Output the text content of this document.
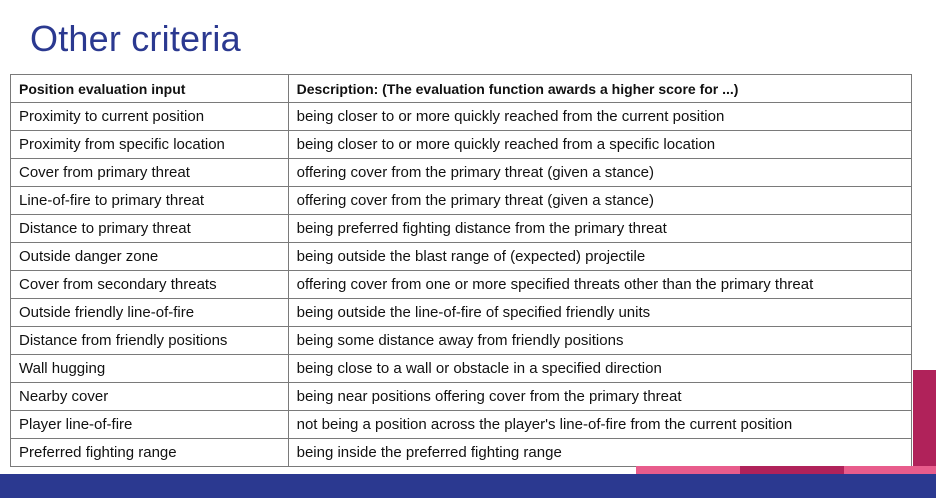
Other criteria
Position evaluation input	Description: (The evaluation function awards a higher score for ...)
Proximity to current position	being closer to or more quickly reached from the current position
Proximity from specific location	being closer to or more quickly reached from a specific location
Cover from primary threat	offering cover from the primary threat (given a stance)
Line-of-fire to primary threat	offering cover from the primary threat (given a stance)
Distance to primary threat	being preferred fighting distance from the primary threat
Outside danger zone	being outside the blast range of (expected) projectile
Cover from secondary threats	offering cover from one or more specified threats other than the primary threat
Outside friendly line-of-fire	being outside the line-of-fire of specified friendly units
Distance from friendly positions	being some distance away from friendly positions
Wall hugging	being close to a wall or obstacle in a specified direction
Nearby cover	being near positions offering cover from the primary threat
Player line-of-fire	not being a position across the player's line-of-fire from the current position
Preferred fighting range	being inside the preferred fighting range
